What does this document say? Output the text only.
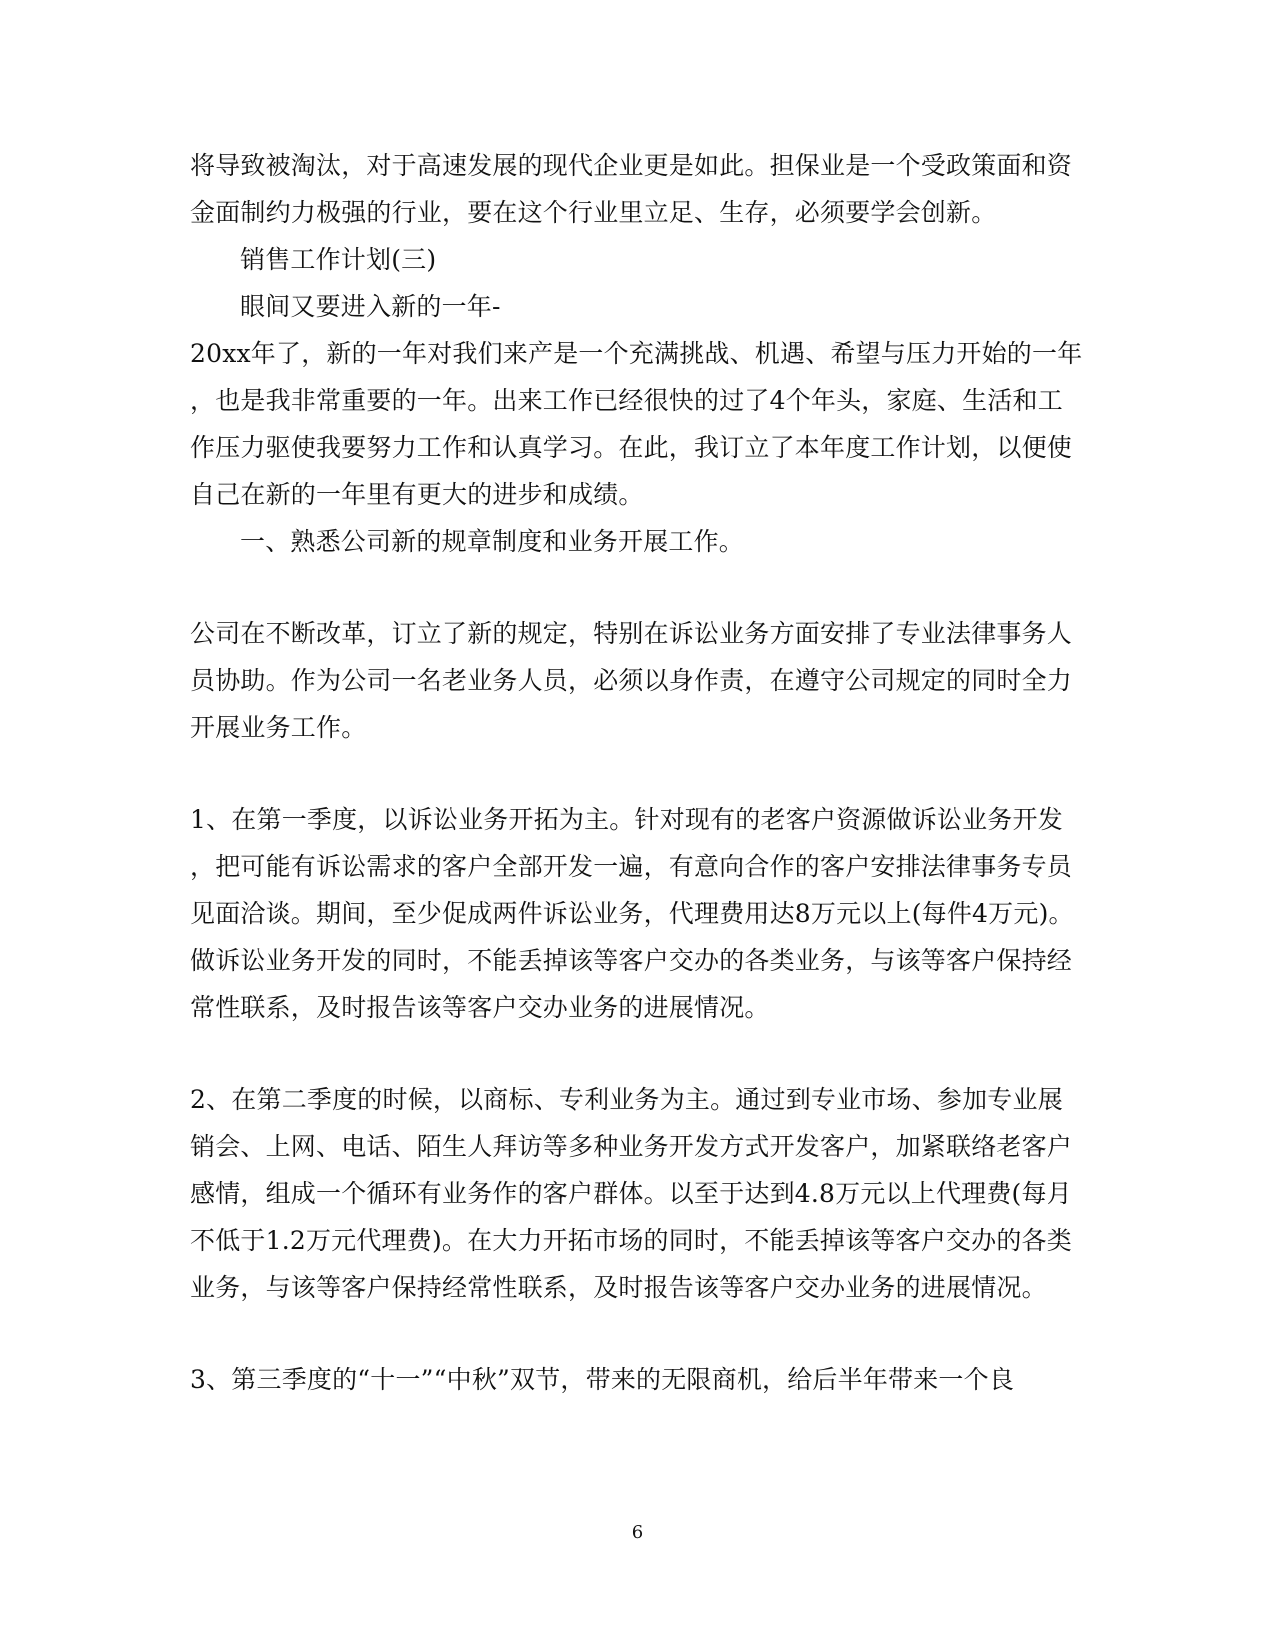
将导致被淘汰，对于高速发展的现代企业更是如此。担保业是一个受政策面和资
金面制约力极强的行业，要在这个行业里立足、生存，必须要学会创新。
销售工作计划(三)
眼间又要进入新的一年-
20xx年了，新的一年对我们来产是一个充满挑战、机遇、希望与压力开始的一年
，也是我非常重要的一年。出来工作已经很快的过了4个年头，家庭、生活和工
作压力驱使我要努力工作和认真学习。在此，我订立了本年度工作计划，以便使
自己在新的一年里有更大的进步和成绩。
一、熟悉公司新的规章制度和业务开展工作。
公司在不断改革，订立了新的规定，特别在诉讼业务方面安排了专业法律事务人
员协助。作为公司一名老业务人员，必须以身作责，在遵守公司规定的同时全力
开展业务工作。
1、在第一季度，以诉讼业务开拓为主。针对现有的老客户资源做诉讼业务开发
，把可能有诉讼需求的客户全部开发一遍，有意向合作的客户安排法律事务专员
见面洽谈。期间，至少促成两件诉讼业务，代理费用达8万元以上(每件4万元)。
做诉讼业务开发的同时，不能丢掉该等客户交办的各类业务，与该等客户保持经
常性联系，及时报告该等客户交办业务的进展情况。
2、在第二季度的时候，以商标、专利业务为主。通过到专业市场、参加专业展
销会、上网、电话、陌生人拜访等多种业务开发方式开发客户，加紧联络老客户
感情，组成一个循环有业务作的客户群体。以至于达到4.8万元以上代理费(每月
不低于1.2万元代理费)。在大力开拓市场的同时，不能丢掉该等客户交办的各类
业务，与该等客户保持经常性联系，及时报告该等客户交办业务的进展情况。
3、第三季度的“十一”“中秋”双节，带来的无限商机，给后半年带来一个良
6
